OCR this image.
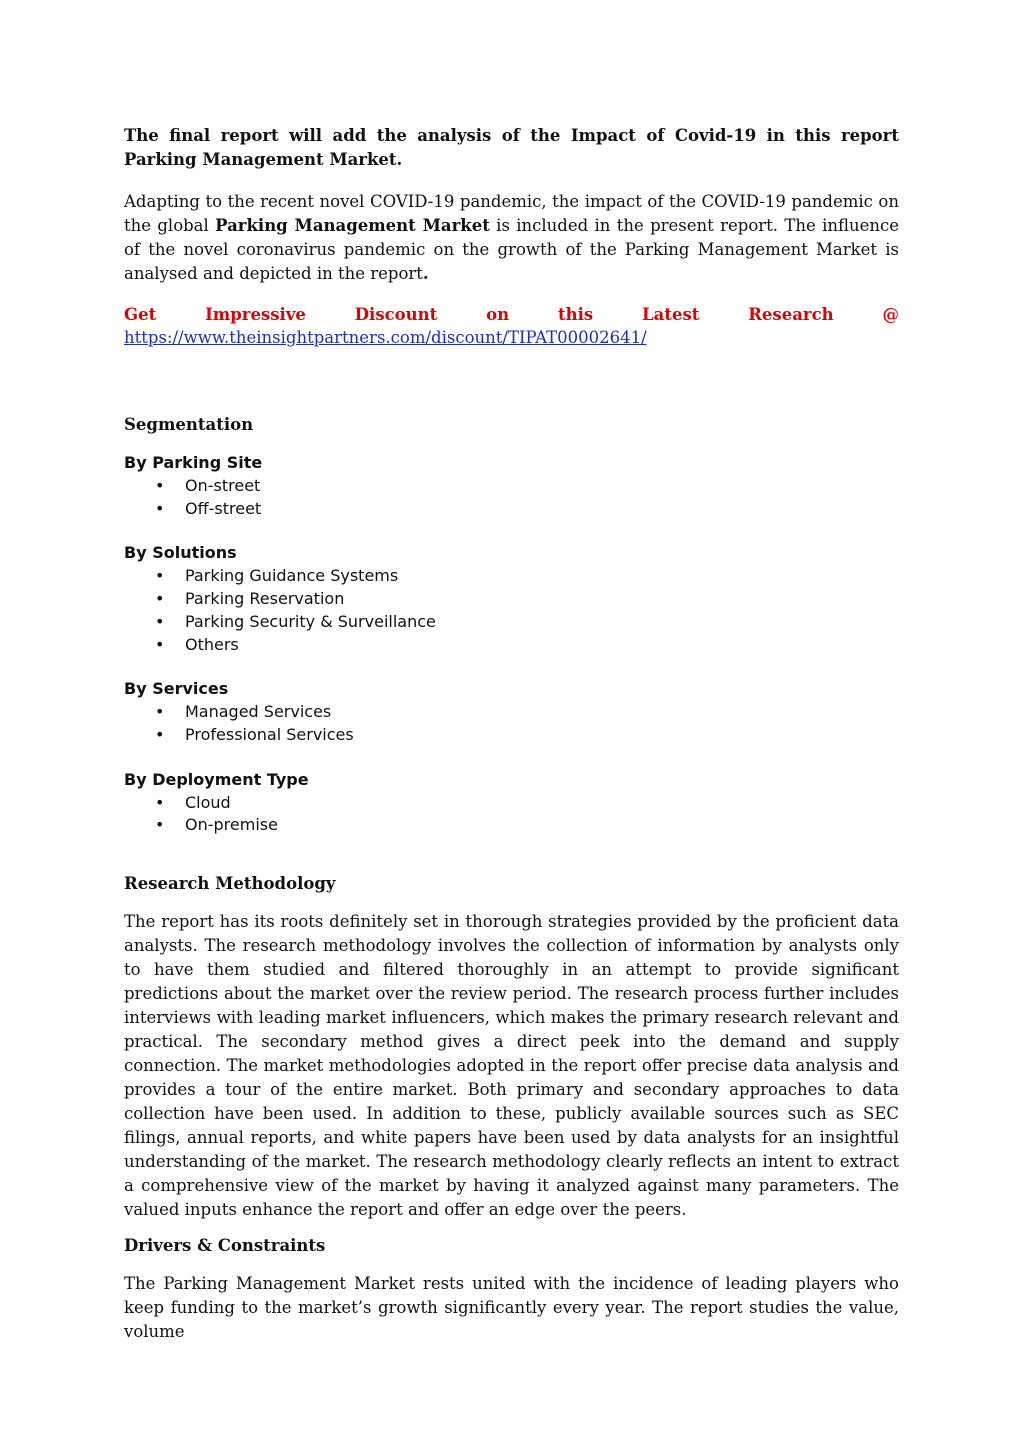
The final report will add the analysis of the Impact of Covid-19 in this report Parking Management Market.

Adapting to the recent novel COVID-19 pandemic, the impact of the COVID-19 pandemic on the global Parking Management Market is included in the present report. The influence of the novel coronavirus pandemic on the growth of the Parking Management Market is analysed and depicted in the report.

Get	Impressive	Discount	on	this	Latest	Research	@
https://www.theinsightpartners.com/discount/TIPAT00002641/
Segmentation
By Parking Site
• On-street
• Off-street
By Solutions
• Parking Guidance Systems
• Parking Reservation
• Parking Security & Surveillance
• Others
By Services
• Managed Services
• Professional Services
By Deployment Type
• Cloud
• On-premise
Research Methodology

The report has its roots definitely set in thorough strategies provided by the proficient data analysts. The research methodology involves the collection of information by analysts only to have them studied and filtered thoroughly in an attempt to provide significant predictions about the market over the review period. The research process further includes interviews with leading market influencers, which makes the primary research relevant and practical. The secondary method gives a direct peek into the demand and supply connection. The market methodologies adopted in the report offer precise data analysis and provides a tour of the entire market. Both primary and secondary approaches to data collection have been used. In addition to these, publicly available sources such as SEC filings, annual reports, and white papers have been used by data analysts for an insightful understanding of the market. The research methodology clearly reflects an intent to extract a comprehensive view of the market by having it analyzed against many parameters. The valued inputs enhance the report and offer an edge over the peers.

Drivers & Constraints

The Parking Management Market rests united with the incidence of leading players who keep funding to the market’s growth significantly every year. The report studies the value, volume
